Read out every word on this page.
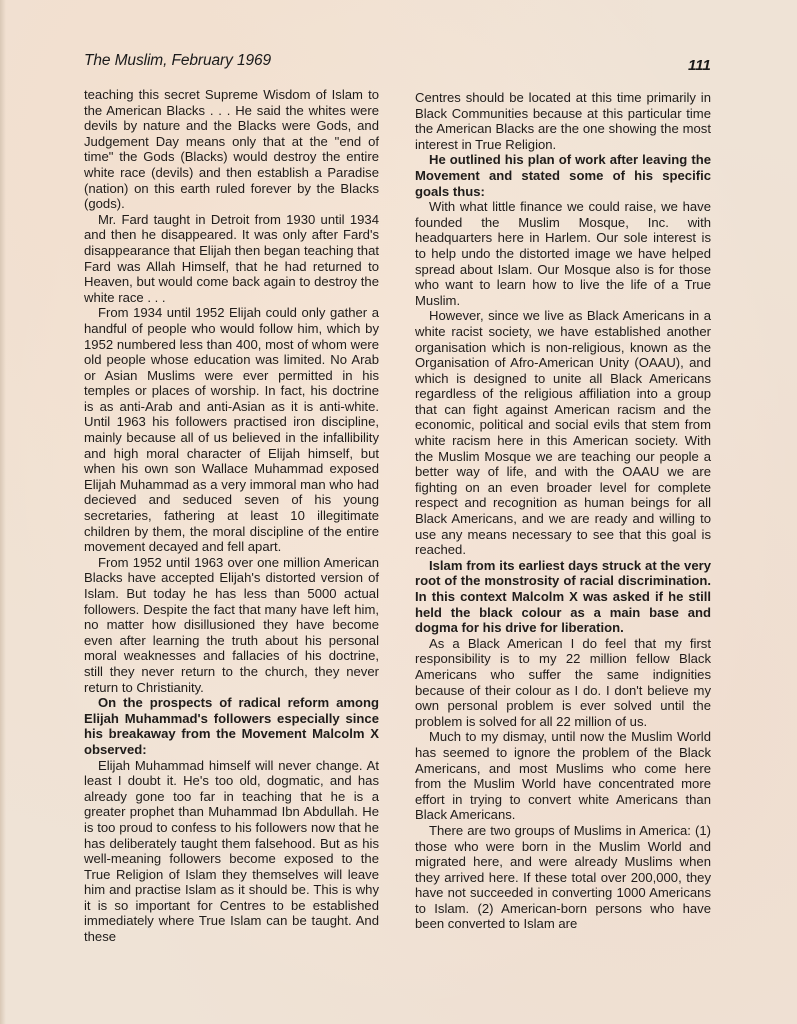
The Muslim, February 1969	111

teaching this secret Supreme Wisdom of Islam to the American Blacks . . . He said the whites were devils by nature and the Blacks were Gods, and Judgement Day means only that at the "end of time" the Gods (Blacks) would destroy the entire white race (devils) and then establish a Paradise (nation) on this earth ruled forever by the Blacks (gods).

Mr. Fard taught in Detroit from 1930 until 1934 and then he disappeared. It was only after Fard's disappearance that Elijah then began teaching that Fard was Allah Himself, that he had returned to Heaven, but would come back again to destroy the white race . . .

From 1934 until 1952 Elijah could only gather a handful of people who would follow him, which by 1952 numbered less than 400, most of whom were old people whose education was limited. No Arab or Asian Muslims were ever permitted in his temples or places of worship. In fact, his doctrine is as anti-Arab and anti-Asian as it is anti-white. Until 1963 his followers practised iron discipline, mainly because all of us believed in the infallibility and high moral character of Elijah himself, but when his own son Wallace Muhammad exposed Elijah Muhammad as a very immoral man who had decieved and seduced seven of his young secretaries, fathering at least 10 illegitimate children by them, the moral discipline of the entire movement decayed and fell apart.

From 1952 until 1963 over one million American Blacks have accepted Elijah's distorted version of Islam. But today he has less than 5000 actual followers. Despite the fact that many have left him, no matter how disillusioned they have become even after learning the truth about his personal moral weaknesses and fallacies of his doctrine, still they never return to the church, they never return to Christianity.

On the prospects of radical reform among Elijah Muhammad's followers especially since his breakaway from the Movement Malcolm X observed:

Elijah Muhammad himself will never change. At least I doubt it. He's too old, dogmatic, and has already gone too far in teaching that he is a greater prophet than Muhammad Ibn Abdullah. He is too proud to confess to his followers now that he has deliberately taught them falsehood. But as his well-meaning followers become exposed to the True Religion of Islam they themselves will leave him and practise Islam as it should be. This is why it is so important for Centres to be established immediately where True Islam can be taught. And these

Centres should be located at this time primarily in Black Communities because at this particular time the American Blacks are the one showing the most interest in True Religion.

He outlined his plan of work after leaving the Movement and stated some of his specific goals thus:

With what little finance we could raise, we have founded the Muslim Mosque, Inc. with headquarters here in Harlem. Our sole interest is to help undo the distorted image we have helped spread about Islam. Our Mosque also is for those who want to learn how to live the life of a True Muslim.

However, since we live as Black Americans in a white racist society, we have established another organisation which is non-religious, known as the Organisation of Afro-American Unity (OAAU), and which is designed to unite all Black Americans regardless of the religious affiliation into a group that can fight against American racism and the economic, political and social evils that stem from white racism here in this American society. With the Muslim Mosque we are teaching our people a better way of life, and with the OAAU we are fighting on an even broader level for complete respect and recognition as human beings for all Black Americans, and we are ready and willing to use any means necessary to see that this goal is reached.

Islam from its earliest days struck at the very root of the monstrosity of racial discrimination. In this context Malcolm X was asked if he still held the black colour as a main base and dogma for his drive for liberation.

As a Black American I do feel that my first responsibility is to my 22 million fellow Black Americans who suffer the same indignities because of their colour as I do. I don't believe my own personal problem is ever solved until the problem is solved for all 22 million of us.

Much to my dismay, until now the Muslim World has seemed to ignore the problem of the Black Americans, and most Muslims who come here from the Muslim World have concentrated more effort in trying to convert white Americans than Black Americans.

There are two groups of Muslims in America: (1) those who were born in the Muslim World and migrated here, and were already Muslims when they arrived here. If these total over 200,000, they have not succeeded in converting 1000 Americans to Islam. (2) American-born persons who have been converted to Islam are
